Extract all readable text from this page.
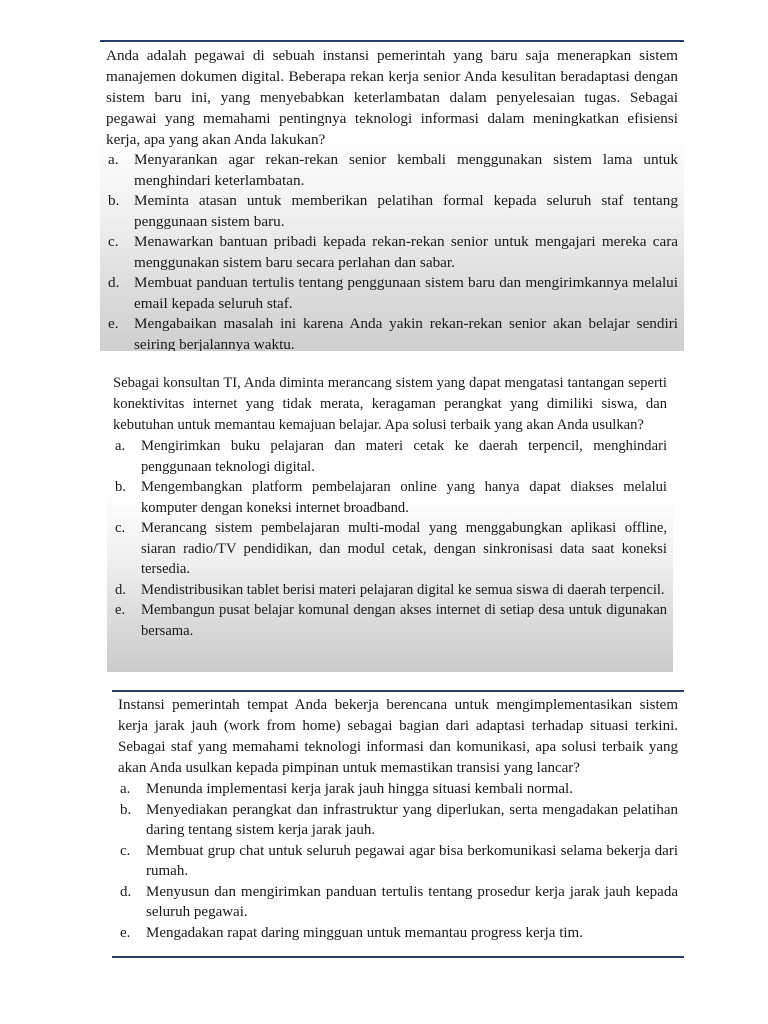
Anda adalah pegawai di sebuah instansi pemerintah yang baru saja menerapkan sistem manajemen dokumen digital. Beberapa rekan kerja senior Anda kesulitan beradaptasi dengan sistem baru ini, yang menyebabkan keterlambatan dalam penyelesaian tugas. Sebagai pegawai yang memahami pentingnya teknologi informasi dalam meningkatkan efisiensi kerja, apa yang akan Anda lakukan?

a.	Menyarankan agar rekan-rekan senior kembali menggunakan sistem lama untuk menghindari keterlambatan.
b. Meminta atasan untuk memberikan pelatihan formal kepada seluruh staf tentang penggunaan sistem baru.
c.	Menawarkan bantuan pribadi kepada rekan-rekan senior untuk mengajari mereka cara menggunakan sistem baru secara perlahan dan sabar.
d. Membuat panduan tertulis tentang penggunaan sistem baru dan mengirimkannya melalui email kepada seluruh staf.
e.	Mengabaikan masalah ini karena Anda yakin rekan-rekan senior akan belajar sendiri seiring berjalannya waktu.

Sebagai konsultan TI, Anda diminta merancang sistem yang dapat mengatasi tantangan seperti konektivitas internet yang tidak merata, keragaman perangkat yang dimiliki siswa, dan kebutuhan untuk memantau kemajuan belajar. Apa solusi terbaik yang akan Anda usulkan?

a.	Mengirimkan buku pelajaran dan materi cetak ke daerah terpencil, menghindari penggunaan teknologi digital.
b.	Mengembangkan platform pembelajaran online yang hanya dapat diakses melalui komputer dengan koneksi internet broadband.
c.	Merancang sistem pembelajaran multi-modal yang menggabungkan aplikasi offline, siaran radio/TV pendidikan, dan modul cetak, dengan sinkronisasi data saat koneksi tersedia.
d.	Mendistribusikan tablet berisi materi pelajaran digital ke semua siswa di daerah terpencil.
e.	Membangun pusat belajar komunal dengan akses internet di setiap desa untuk digunakan bersama.

Instansi pemerintah tempat Anda bekerja berencana untuk mengimplementasikan sistem kerja jarak jauh (work from home) sebagai bagian dari adaptasi terhadap situasi terkini. Sebagai staf yang memahami teknologi informasi dan komunikasi, apa solusi terbaik yang akan Anda usulkan kepada pimpinan untuk memastikan transisi yang lancar?

a.	Menunda implementasi kerja jarak jauh hingga situasi kembali normal.
b. Menyediakan perangkat dan infrastruktur yang diperlukan, serta mengadakan pelatihan daring tentang sistem kerja jarak jauh.
c.	Membuat grup chat untuk seluruh pegawai agar bisa berkomunikasi selama bekerja dari rumah.
d. Menyusun dan mengirimkan panduan tertulis tentang prosedur kerja jarak jauh kepada seluruh pegawai.
e.	Mengadakan rapat daring mingguan untuk memantau progress kerja tim.
